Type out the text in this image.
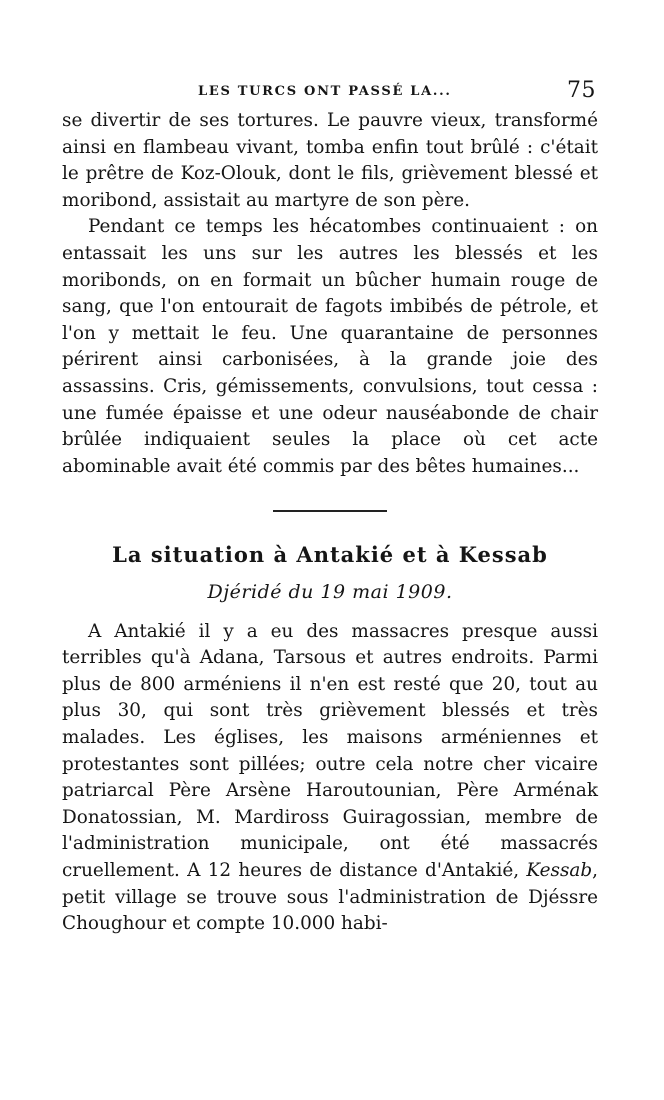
LES TURCS ONT PASSÉ LA...	75

se divertir de ses tortures. Le pauvre vieux, transformé ainsi en flambeau vivant, tomba enfin tout brûlé : c'était le prêtre de Koz-Olouk, dont le fils, grièvement blessé et moribond, assistait au martyre de son père.

Pendant ce temps les hécatombes continuaient : on entassait les uns sur les autres les blessés et les moribonds, on en formait un bûcher humain rouge de sang, que l'on entourait de fagots imbibés de pétrole, et l'on y mettait le feu. Une quarantaine de personnes périrent ainsi carbonisées, à la grande joie des assassins. Cris, gémissements, convulsions, tout cessa : une fumée épaisse et une odeur nauséabonde de chair brûlée indiquaient seules la place où cet acte abominable avait été commis par des bêtes humaines...

La situation à Antakié et à Kessab
Djéridé du 19 mai 1909.

A Antakié il y a eu des massacres presque aussi terribles qu'à Adana, Tarsous et autres endroits. Parmi plus de 800 arméniens il n'en est resté que 20, tout au plus 30, qui sont très grièvement blessés et très malades. Les églises, les maisons arméniennes et protestantes sont pillées; outre cela notre cher vicaire patriarcal Père Arsène Haroutounian, Père Arménak Donatossian, M. Mardiross Guiragossian, membre de l'administration municipale, ont été massacrés cruellement. A 12 heures de distance d'Antakié, Kessab, petit village se trouve sous l'administration de Djéssre Choughour et compte 10.000 habi-
